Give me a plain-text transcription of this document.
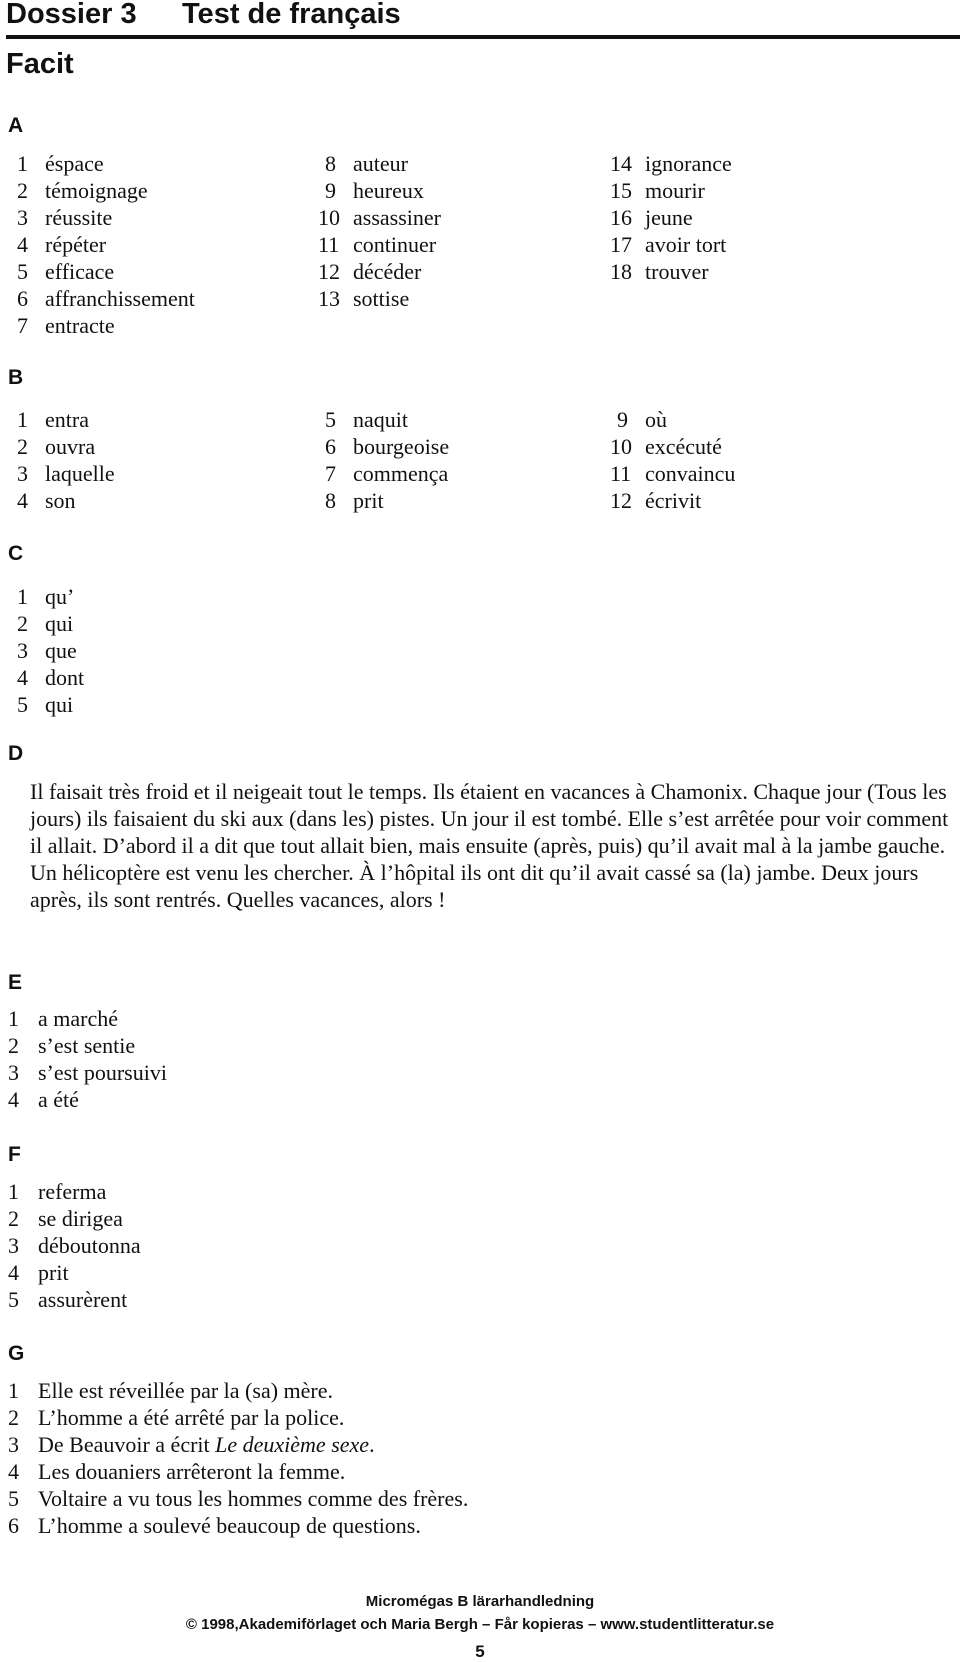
Dossier 3	Test de français
Facit
A
1 éspace
2 témoignage
3 réussite
4 répéter
5 efficace
6 affranchissement
7 entracte
8 auteur
9 heureux
10 assassiner
11 continuer
12 décéder
13 sottise
14 ignorance
15 mourir
16 jeune
17 avoir tort
18 trouver
B
1 entra
2 ouvra
3 laquelle
4 son
5 naquit
6 bourgeoise
7 commença
8 prit
9 où
10 excécuté
11 convaincu
12 écrivit
C
1 qu’
2 qui
3 que
4 dont
5 qui
D

Il faisait très froid et il neigeait tout le temps. Ils étaient en vacances à Chamonix. Chaque jour (Tous les jours) ils faisaient du ski aux (dans les) pistes. Un jour il est tombé. Elle s’est arrêtée pour voir comment il allait. D’abord il a dit que tout allait bien, mais ensuite (après, puis) qu’il avait mal à la jambe gauche. Un hélicoptère est venu les chercher. À l’hôpital ils ont dit qu’il avait cassé sa (la) jambe. Deux jours après, ils sont rentrés. Quelles vacances, alors !

E
1 a marché
2 s’est sentie
3 s’est poursuivi
4 a été
F
1 referma
2 se dirigea
3 déboutonna
4 prit
5 assurèrent
G
1 Elle est réveillée par la (sa) mère.
2 L’homme a été arrêté par la police.
3 De Beauvoir a écrit Le deuxième sexe.
4 Les douaniers arrêteront la femme.
5 Voltaire a vu tous les hommes comme des frères.
6 L’homme a soulevé beaucoup de questions.
Micromégas B lärarhandledning
© 1998,Akademiförlaget och Maria Bergh – Får kopieras – www.studentlitteratur.se
5
